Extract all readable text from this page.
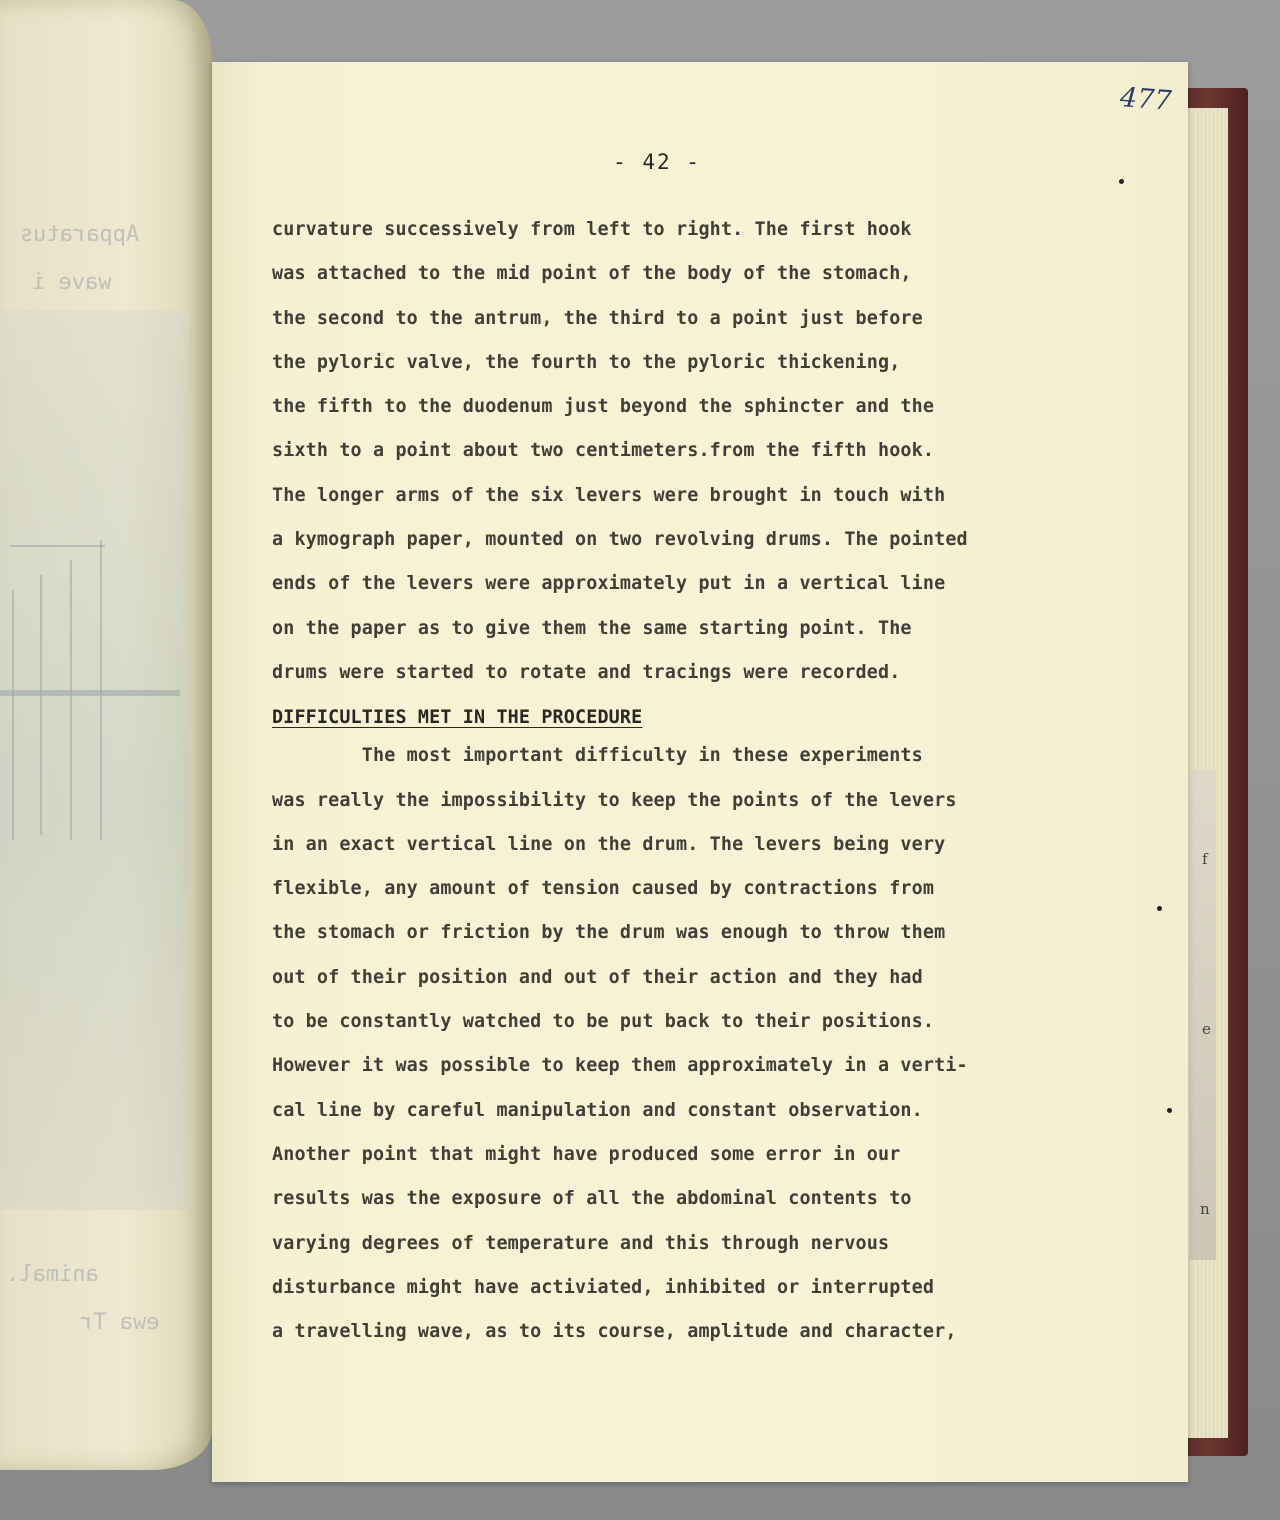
Apparatus
wave i
animal.
ewa Tr
f
e
n
477
- 42 -
curvature successively from left to right. The first hook
was attached to the mid point of the body of the stomach,
the second to the antrum, the third to a point just before
the pyloric valve, the fourth to the pyloric thickening,
the fifth to the duodenum just beyond the sphincter and the
sixth to a point about two centimeters.from the fifth hook.
The longer arms of the six levers were brought in touch with
a kymograph paper, mounted on two revolving drums. The pointed
ends of the levers were approximately put in a vertical line
on the paper as to give them the same starting point. The
drums were started to rotate and tracings were recorded.
DIFFICULTIES MET IN THE PROCEDURE
The most important difficulty in these experiments
was really the impossibility to keep the points of the levers
in an exact vertical line on the drum. The levers being very
flexible, any amount of tension caused by contractions from
the stomach or friction by the drum was enough to throw them
out of their position and out of their action and they had
to be constantly watched to be put back to their positions.
However it was possible to keep them approximately in a verti-
cal line by careful manipulation and constant observation.
Another point that might have produced some error in our
results was the exposure of all the abdominal contents to
varying degrees of temperature and this through nervous
disturbance might have activiated, inhibited or interrupted
a travelling wave, as to its course, amplitude and character,
